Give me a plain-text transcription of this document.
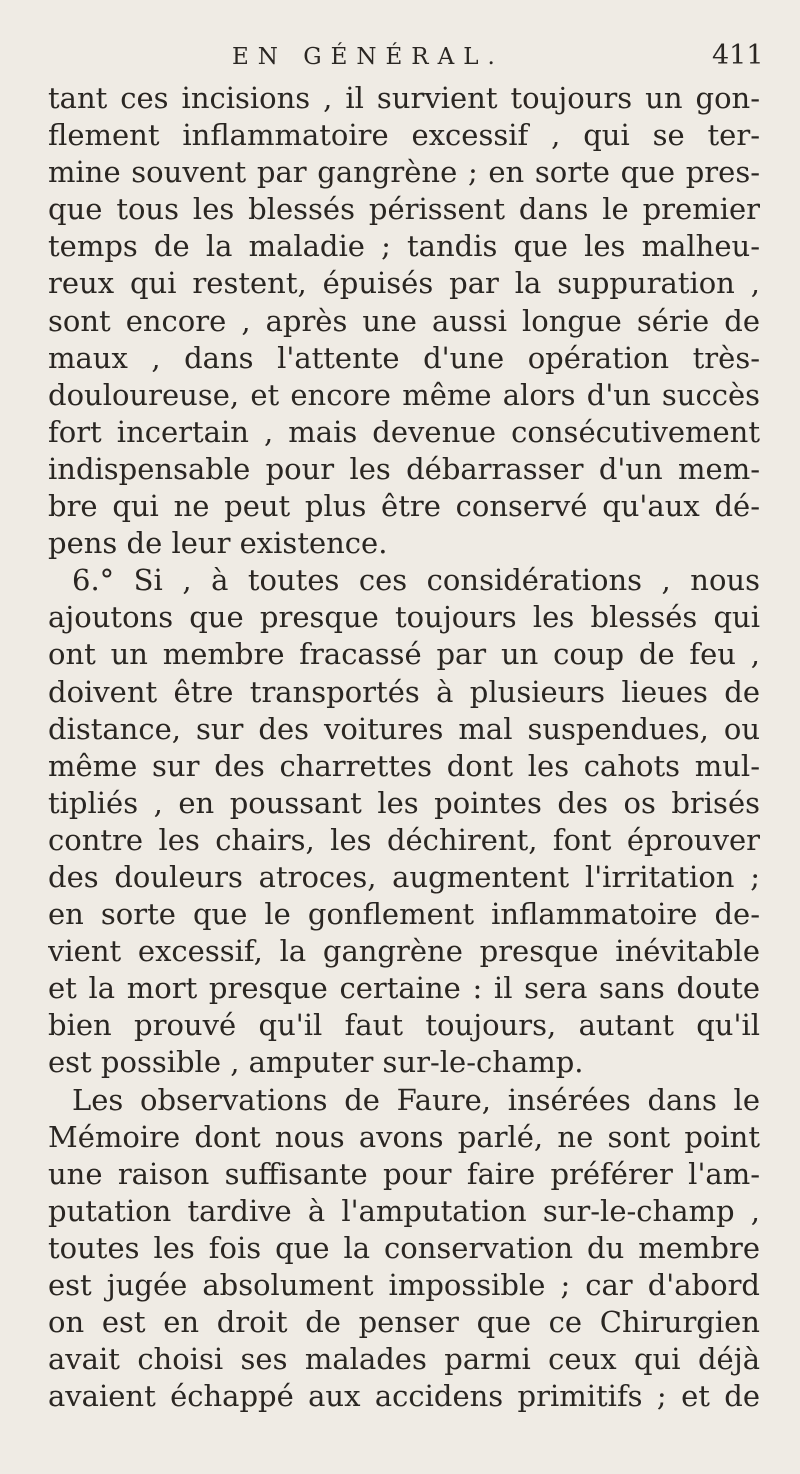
EN GÉNÉRAL.	411
tant ces incisions , il survient toujours un gon-
flement inflammatoire excessif , qui se ter-
mine souvent par gangrène ; en sorte que pres-
que tous les blessés périssent dans le premier
temps de la maladie ; tandis que les malheu-
reux qui restent, épuisés par la suppuration ,
sont encore , après une aussi longue série de
maux , dans l'attente d'une opération très-
douloureuse, et encore même alors d'un succès
fort incertain , mais devenue consécutivement
indispensable pour les débarrasser d'un mem-
bre qui ne peut plus être conservé qu'aux dé-
pens de leur existence.
6.° Si , à toutes ces considérations , nous
ajoutons que presque toujours les blessés qui
ont un membre fracassé par un coup de feu ,
doivent être transportés à plusieurs lieues de
distance, sur des voitures mal suspendues, ou
même sur des charrettes dont les cahots mul-
tipliés , en poussant les pointes des os brisés
contre les chairs, les déchirent, font éprouver
des douleurs atroces, augmentent l'irritation ;
en sorte que le gonflement inflammatoire de-
vient excessif, la gangrène presque inévitable
et la mort presque certaine : il sera sans doute
bien prouvé qu'il faut toujours, autant qu'il
est possible , amputer sur-le-champ.
Les observations de Faure, insérées dans le
Mémoire dont nous avons parlé, ne sont point
une raison suffisante pour faire préférer l'am-
putation tardive à l'amputation sur-le-champ ,
toutes les fois que la conservation du membre
est jugée absolument impossible ; car d'abord
on est en droit de penser que ce Chirurgien
avait choisi ses malades parmi ceux qui déjà
avaient échappé aux accidens primitifs ; et de
